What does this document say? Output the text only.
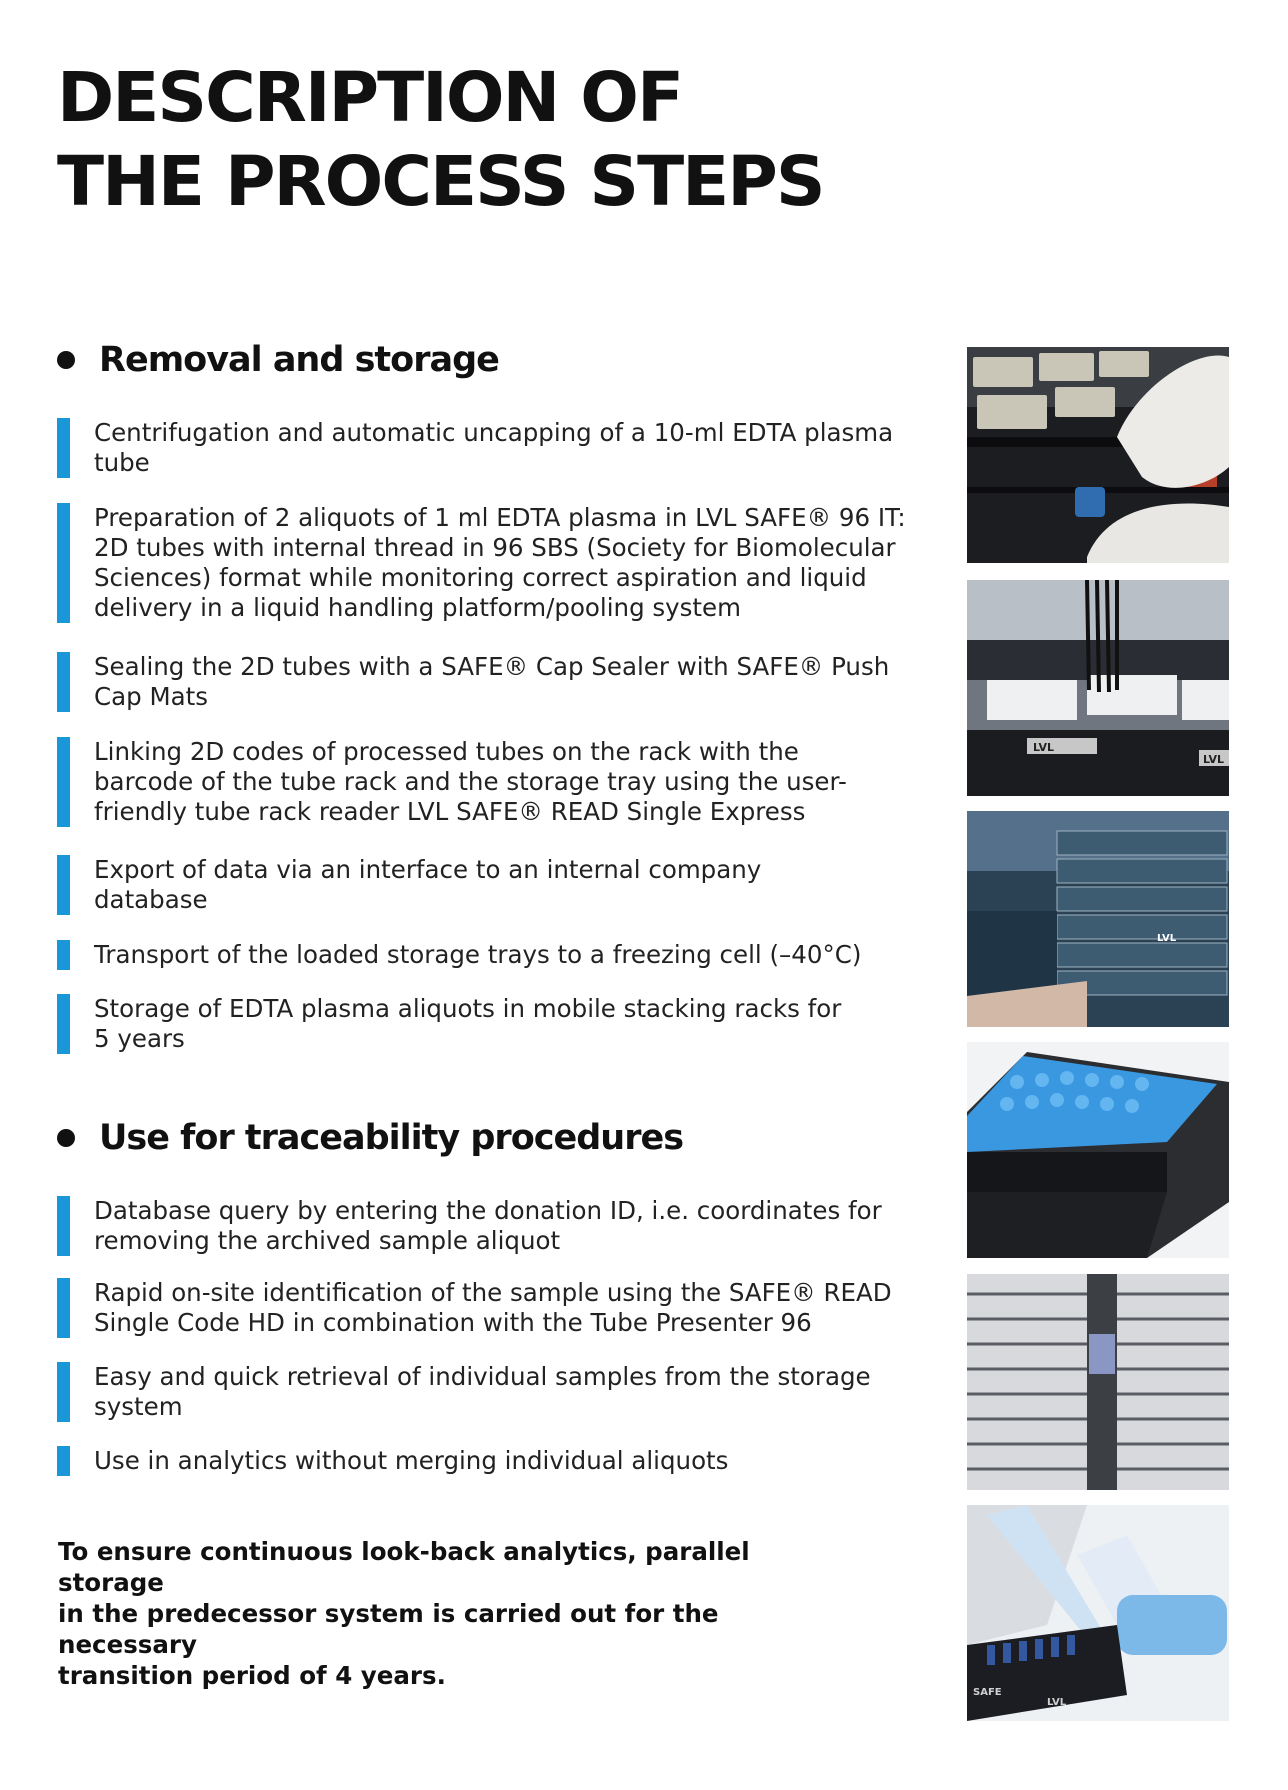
DESCRIPTION OF
THE PROCESS STEPS
Removal and storage
Centrifugation and automatic uncapping of a 10-ml EDTA plasma
tube
Preparation of 2 aliquots of 1 ml EDTA plasma in LVL SAFE® 96 IT:
2D tubes with internal thread in 96 SBS (Society for Biomolecular
Sciences) format while monitoring correct aspiration and liquid
delivery in a liquid handling platform/pooling system
Sealing the 2D tubes with a SAFE® Cap Sealer with SAFE® Push
Cap Mats
Linking 2D codes of processed tubes on the rack with the
barcode of the tube rack and the storage tray using the user-
friendly tube rack reader LVL SAFE® READ Single Express
Export of data via an interface to an internal company
database
Transport of the loaded storage trays to a freezing cell (–40°C)
Storage of EDTA plasma aliquots in mobile stacking racks for
5 years
Use for traceability procedures
Database query by entering the donation ID, i.e. coordinates for
removing the archived sample aliquot
Rapid on-site identification of the sample using the SAFE® READ
Single Code HD in combination with the Tube Presenter 96
Easy and quick retrieval of individual samples from the storage
system
Use in analytics without merging individual aliquots

To ensure continuous look-back analytics, parallel storage
in the predecessor system is carried out for the necessary
transition period of 4 years.

LVL
LVL
LVL
SAFE
LVL
